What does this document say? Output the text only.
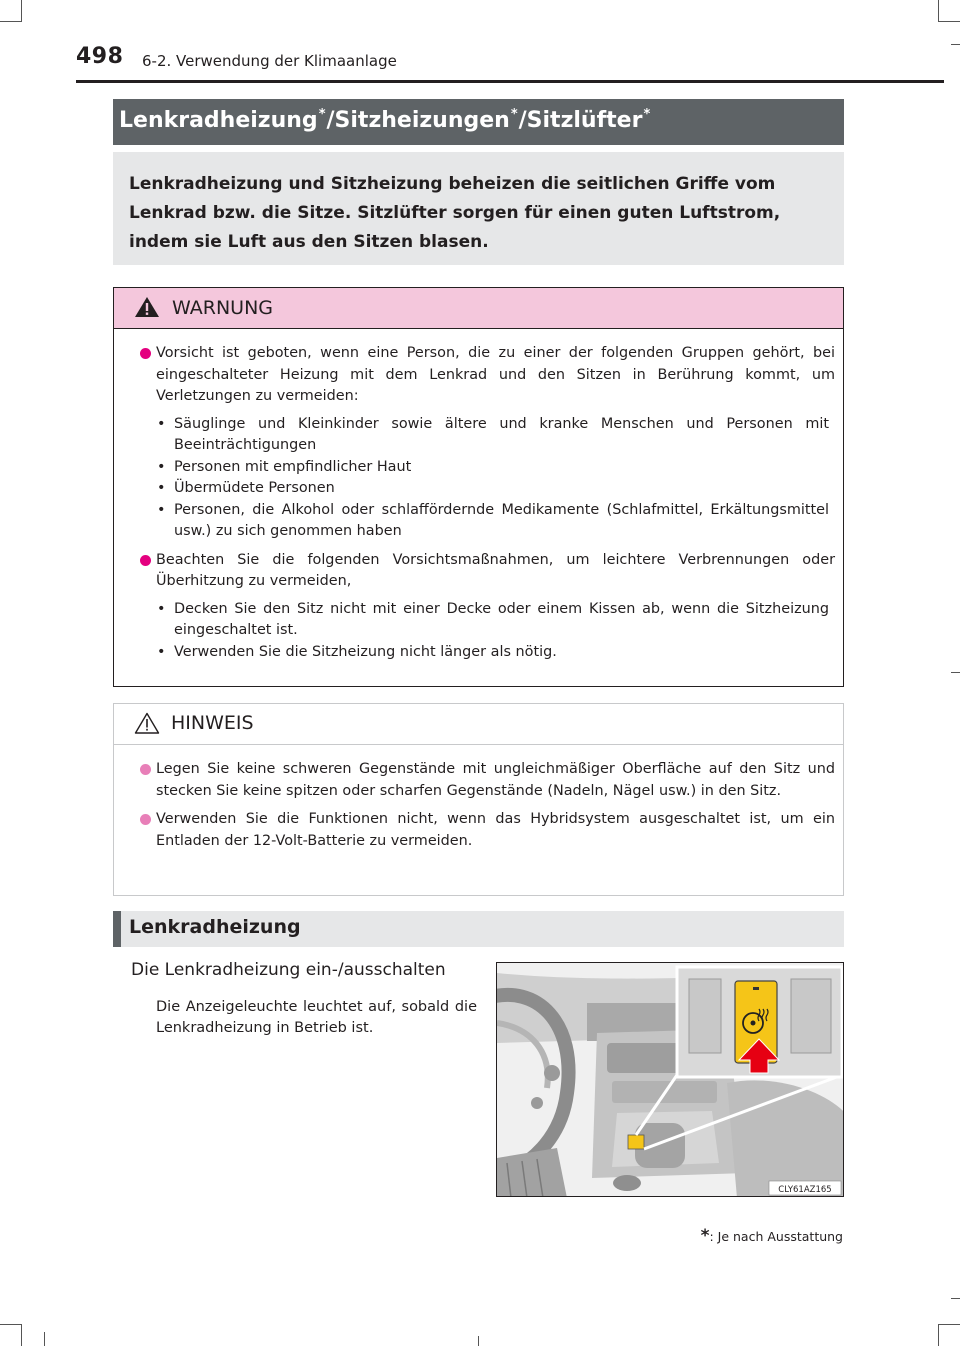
498 6-2. Verwendung der Klimaanlage
Lenkradheizung*/Sitzheizungen*/Sitzlüfter*
Lenkradheizung und Sitzheizung beheizen die seitlichen Griffe vom Lenkrad bzw. die Sitze. Sitzlüfter sorgen für einen guten Luftstrom, indem sie Luft aus den Sitzen blasen.
WARNUNG
Vorsicht ist geboten, wenn eine Person, die zu einer der folgenden Gruppen gehört, bei eingeschalteter Heizung mit dem Lenkrad und den Sitzen in Berührung kommt, um Verletzungen zu vermeiden:
• Säuglinge und Kleinkinder sowie ältere und kranke Menschen und Personen mit Beeinträchtigungen
• Personen mit empfindlicher Haut
• Übermüdete Personen
• Personen, die Alkohol oder schlaffördernde Medikamente (Schlafmittel, Erkältungsmittel usw.) zu sich genommen haben
Beachten Sie die folgenden Vorsichtsmaßnahmen, um leichtere Verbrennungen oder Überhitzung zu vermeiden,
• Decken Sie den Sitz nicht mit einer Decke oder einem Kissen ab, wenn die Sitzheizung eingeschaltet ist.
• Verwenden Sie die Sitzheizung nicht länger als nötig.
HINWEIS
Legen Sie keine schweren Gegenstände mit ungleichmäßiger Oberfläche auf den Sitz und stecken Sie keine spitzen oder scharfen Gegenstände (Nadeln, Nägel usw.) in den Sitz.
Verwenden Sie die Funktionen nicht, wenn das Hybridsystem ausgeschaltet ist, um ein Entladen der 12-Volt-Batterie zu vermeiden.
Lenkradheizung
Die Lenkradheizung ein-/ausschalten
Die Anzeigeleuchte leuchtet auf, sobald die Lenkradheizung in Betrieb ist.
CLY61AZ165
*: Je nach Ausstattung
